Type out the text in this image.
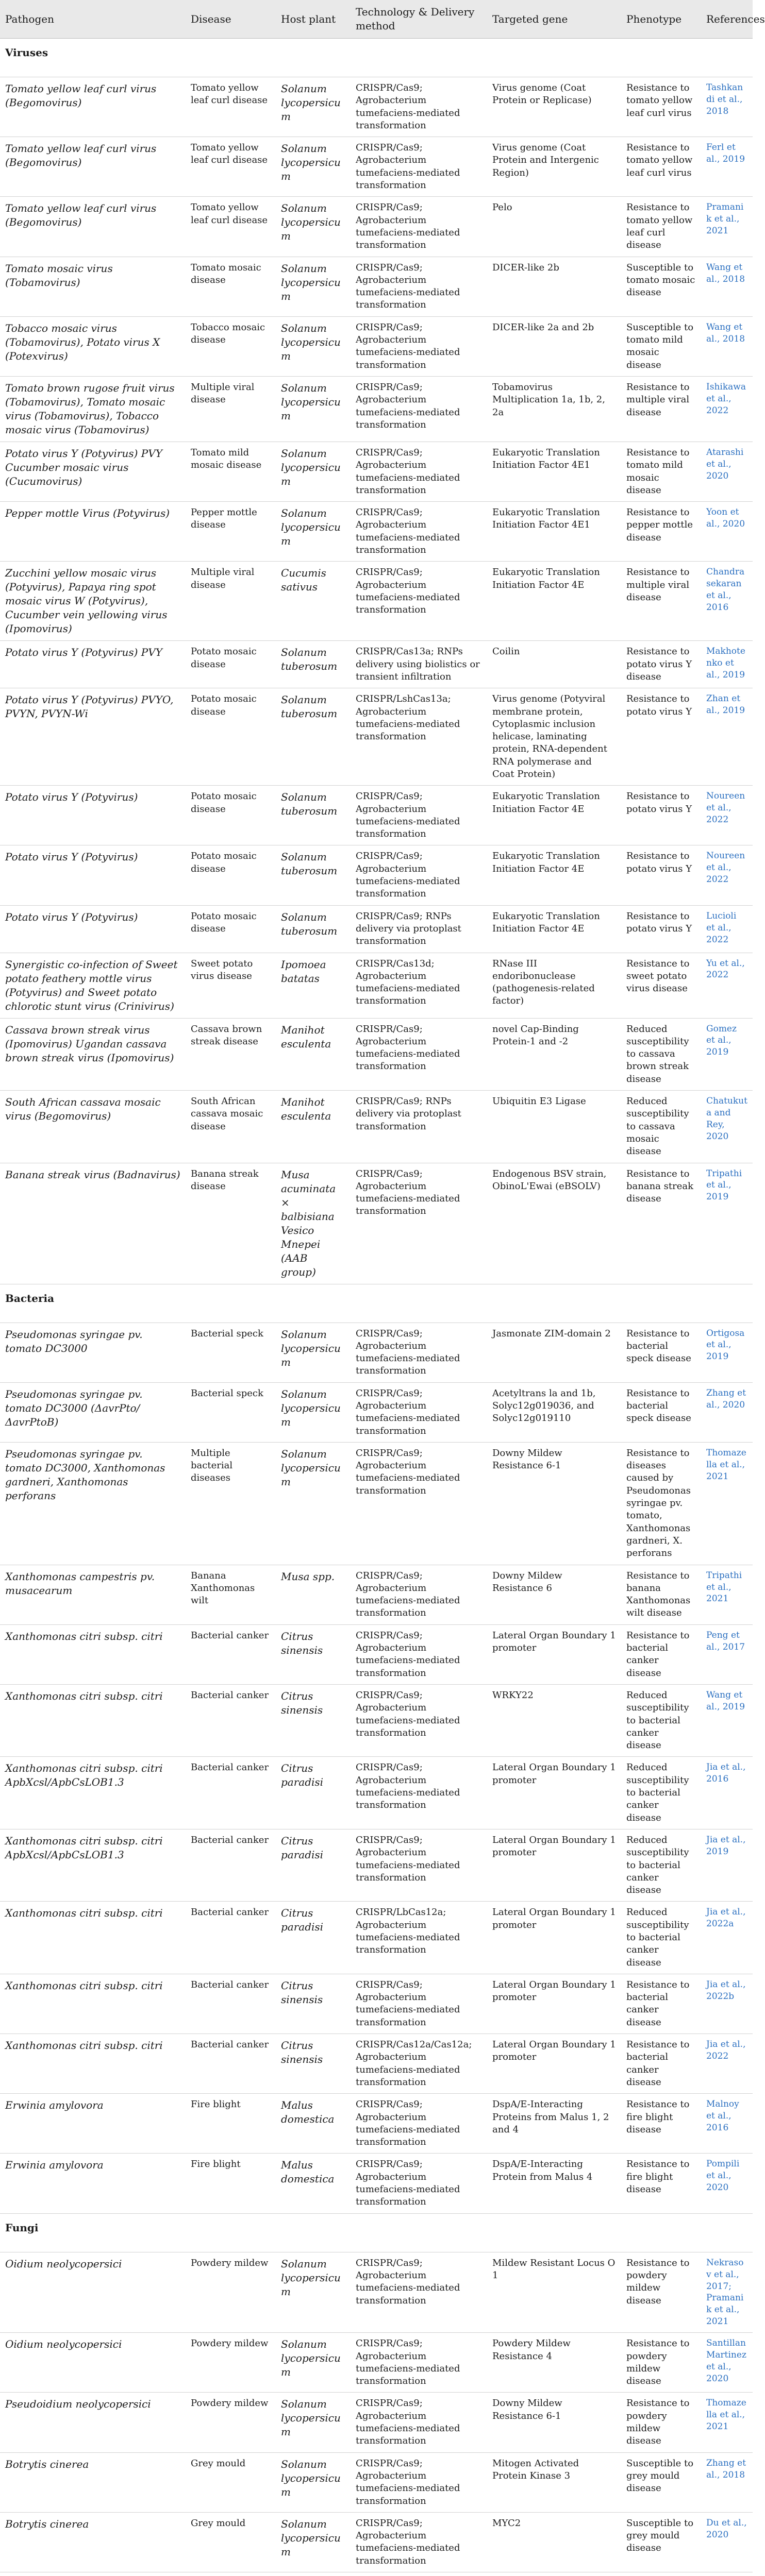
Pathogen	Disease	Host plant	Technology & Delivery method	Targeted gene	Phenotype	References
Viruses						
Tomato yellow leaf curl virus (Begomovirus)	Tomato yellow leaf curl disease	Solanum lycopersicum	CRISPR/Cas9; Agrobacterium tumefaciens-mediated transformation	Virus genome (Coat Protein or Replicase)	Resistance to tomato yellow leaf curl virus	Tashkandi et al., 2018
Tomato yellow leaf curl virus (Begomovirus)	Tomato yellow leaf curl disease	Solanum lycopersicum	CRISPR/Cas9; Agrobacterium tumefaciens-mediated transformation	Virus genome (Coat Protein and Intergenic Region)	Resistance to tomato yellow leaf curl virus	Ferl et al., 2019
Tomato yellow leaf curl virus (Begomovirus)	Tomato yellow leaf curl disease	Solanum lycopersicum	CRISPR/Cas9; Agrobacterium tumefaciens-mediated transformation	Pelo	Resistance to tomato yellow leaf curl disease	Pramanik et al., 2021
Tomato mosaic virus (Tobamovirus)	Tomato mosaic disease	Solanum lycopersicum	CRISPR/Cas9; Agrobacterium tumefaciens-mediated transformation	DICER-like 2b	Susceptible to tomato mosaic disease	Wang et al., 2018
Tobacco mosaic virus (Tobamovirus), Potato virus X (Potexvirus)	Tobacco mosaic disease	Solanum lycopersicum	CRISPR/Cas9; Agrobacterium tumefaciens-mediated transformation	DICER-like 2a and 2b	Susceptible to tomato mild mosaic disease	Wang et al., 2018
Tomato brown rugose fruit virus (Tobamovirus), Tomato mosaic virus (Tobamovirus), Tobacco mosaic virus (Tobamovirus)	Multiple viral disease	Solanum lycopersicum	CRISPR/Cas9; Agrobacterium tumefaciens-mediated transformation	Tobamovirus Multiplication 1a, 1b, 2, 2a	Resistance to multiple viral disease	Ishikawa et al., 2022
Potato virus Y (Potyvirus) PVY Cucumber mosaic virus (Cucumovirus)	Tomato mild mosaic disease	Solanum lycopersicum	CRISPR/Cas9; Agrobacterium tumefaciens-mediated transformation	Eukaryotic Translation Initiation Factor 4E1	Resistance to tomato mild mosaic disease	Atarashi et al., 2020
Pepper mottle Virus (Potyvirus)	Pepper mottle disease	Solanum lycopersicum	CRISPR/Cas9; Agrobacterium tumefaciens-mediated transformation	Eukaryotic Translation Initiation Factor 4E1	Resistance to pepper mottle disease	Yoon et al., 2020
Zucchini yellow mosaic virus (Potyvirus), Papaya ring spot mosaic virus W (Potyvirus), Cucumber vein yellowing virus (Ipomovirus)	Multiple viral disease	Cucumis sativus	CRISPR/Cas9; Agrobacterium tumefaciens-mediated transformation	Eukaryotic Translation Initiation Factor 4E	Resistance to multiple viral disease	Chandrasekaran et al., 2016
Potato virus Y (Potyvirus) PVY	Potato mosaic disease	Solanum tuberosum	CRISPR/Cas13a; RNPs delivery using biolistics or transient infiltration	Coilin	Resistance to potato virus Y disease	Makhotenko et al., 2019
Potato virus Y (Potyvirus) PVYO, PVYN, PVYN-Wi	Potato mosaic disease	Solanum tuberosum	CRISPR/LshCas13a; Agrobacterium tumefaciens-mediated transformation	Virus genome (Potyviral membrane protein, Cytoplasmic inclusion helicase, laminating protein, RNA-dependent RNA polymerase and Coat Protein)	Resistance to potato virus Y	Zhan et al., 2019
Potato virus Y (Potyvirus)	Potato mosaic disease	Solanum tuberosum	CRISPR/Cas9; Agrobacterium tumefaciens-mediated transformation	Eukaryotic Translation Initiation Factor 4E	Resistance to potato virus Y	Noureen et al., 2022
Potato virus Y (Potyvirus)	Potato mosaic disease	Solanum tuberosum	CRISPR/Cas9; Agrobacterium tumefaciens-mediated transformation	Eukaryotic Translation Initiation Factor 4E	Resistance to potato virus Y	Noureen et al., 2022
Potato virus Y (Potyvirus)	Potato mosaic disease	Solanum tuberosum	CRISPR/Cas9; RNPs delivery via protoplast transformation	Eukaryotic Translation Initiation Factor 4E	Resistance to potato virus Y	Lucioli et al., 2022
Synergistic co-infection of Sweet potato feathery mottle virus (Potyvirus) and Sweet potato chlorotic stunt virus (Crinivirus)	Sweet potato virus disease	Ipomoea batatas	CRISPR/Cas13d; Agrobacterium tumefaciens-mediated transformation	RNase III endoribonuclease (pathogenesis-related factor)	Resistance to sweet potato virus disease	Yu et al., 2022
Cassava brown streak virus (Ipomovirus) Ugandan cassava brown streak virus (Ipomovirus)	Cassava brown streak disease	Manihot esculenta	CRISPR/Cas9; Agrobacterium tumefaciens-mediated transformation	novel Cap-Binding Protein-1 and -2	Reduced susceptibility to cassava brown streak disease	Gomez et al., 2019
South African cassava mosaic virus (Begomovirus)	South African cassava mosaic disease	Manihot esculenta	CRISPR/Cas9; RNPs delivery via protoplast transformation	Ubiquitin E3 Ligase	Reduced susceptibility to cassava mosaic disease	Chatukuta and Rey, 2020
Banana streak virus (Badnavirus)	Banana streak disease	Musa acuminata × balbisiana Vesico Mnepei (AAB group)	CRISPR/Cas9; Agrobacterium tumefaciens-mediated transformation	Endogenous BSV strain, ObinoL'Ewai (eBSOLV)	Resistance to banana streak disease	Tripathi et al., 2019
Bacteria						
Pseudomonas syringae pv. tomato DC3000	Bacterial speck	Solanum lycopersicum	CRISPR/Cas9; Agrobacterium tumefaciens-mediated transformation	Jasmonate ZIM-domain 2	Resistance to bacterial speck disease	Ortigosa et al., 2019
Pseudomonas syringae pv. tomato DC3000 (ΔavrPto/ΔavrPtoB)	Bacterial speck	Solanum lycopersicum	CRISPR/Cas9; Agrobacterium tumefaciens-mediated transformation	Acetyltrans la and 1b, Solyc12g019036, and Solyc12g019110	Resistance to bacterial speck disease	Zhang et al., 2020
Pseudomonas syringae pv. tomato DC3000, Xanthomonas gardneri, Xanthomonas perforans	Multiple bacterial diseases	Solanum lycopersicum	CRISPR/Cas9; Agrobacterium tumefaciens-mediated transformation	Downy Mildew Resistance 6-1	Resistance to diseases caused by Pseudomonas syringae pv. tomato, Xanthomonas gardneri, X. perforans	Thomazella et al., 2021
Xanthomonas campestris pv. musacearum	Banana Xanthomonas wilt	Musa spp.	CRISPR/Cas9; Agrobacterium tumefaciens-mediated transformation	Downy Mildew Resistance 6	Resistance to banana Xanthomonas wilt disease	Tripathi et al., 2021
Xanthomonas citri subsp. citri	Bacterial canker	Citrus sinensis	CRISPR/Cas9; Agrobacterium tumefaciens-mediated transformation	Lateral Organ Boundary 1 promoter	Resistance to bacterial canker disease	Peng et al., 2017
Xanthomonas citri subsp. citri	Bacterial canker	Citrus sinensis	CRISPR/Cas9; Agrobacterium tumefaciens-mediated transformation	WRKY22	Reduced susceptibility to bacterial canker disease	Wang et al., 2019
Xanthomonas citri subsp. citri ApbXcsl/ApbCsLOB1.3	Bacterial canker	Citrus paradisi	CRISPR/Cas9; Agrobacterium tumefaciens-mediated transformation	Lateral Organ Boundary 1 promoter	Reduced susceptibility to bacterial canker disease	Jia et al., 2016
Xanthomonas citri subsp. citri ApbXcsl/ApbCsLOB1.3	Bacterial canker	Citrus paradisi	CRISPR/Cas9; Agrobacterium tumefaciens-mediated transformation	Lateral Organ Boundary 1 promoter	Reduced susceptibility to bacterial canker disease	Jia et al., 2019
Xanthomonas citri subsp. citri	Bacterial canker	Citrus paradisi	CRISPR/LbCas12a; Agrobacterium tumefaciens-mediated transformation	Lateral Organ Boundary 1 promoter	Reduced susceptibility to bacterial canker disease	Jia et al., 2022a
Xanthomonas citri subsp. citri	Bacterial canker	Citrus sinensis	CRISPR/Cas9; Agrobacterium tumefaciens-mediated transformation	Lateral Organ Boundary 1 promoter	Resistance to bacterial canker disease	Jia et al., 2022b
Xanthomonas citri subsp. citri	Bacterial canker	Citrus sinensis	CRISPR/Cas12a/Cas12a; Agrobacterium tumefaciens-mediated transformation	Lateral Organ Boundary 1 promoter	Resistance to bacterial canker disease	Jia et al., 2022
Erwinia amylovora	Fire blight	Malus domestica	CRISPR/Cas9; Agrobacterium tumefaciens-mediated transformation	DspA/E-Interacting Proteins from Malus 1, 2 and 4	Resistance to fire blight disease	Malnoy et al., 2016
Erwinia amylovora	Fire blight	Malus domestica	CRISPR/Cas9; Agrobacterium tumefaciens-mediated transformation	DspA/E-Interacting Protein from Malus 4	Resistance to fire blight disease	Pompili et al., 2020
Fungi						
Oidium neolycopersici	Powdery mildew	Solanum lycopersicum	CRISPR/Cas9; Agrobacterium tumefaciens-mediated transformation	Mildew Resistant Locus O 1	Resistance to powdery mildew disease	Nekrasov et al., 2017; Pramanik et al., 2021
Oidium neolycopersici	Powdery mildew	Solanum lycopersicum	CRISPR/Cas9; Agrobacterium tumefaciens-mediated transformation	Powdery Mildew Resistance 4	Resistance to powdery mildew disease	Santillan Martinez et al., 2020
Pseudoidium neolycopersici	Powdery mildew	Solanum lycopersicum	CRISPR/Cas9; Agrobacterium tumefaciens-mediated transformation	Downy Mildew Resistance 6-1	Resistance to powdery mildew disease	Thomazella et al., 2021
Botrytis cinerea	Grey mould	Solanum lycopersicum	CRISPR/Cas9; Agrobacterium tumefaciens-mediated transformation	Mitogen Activated Protein Kinase 3	Susceptible to grey mould disease	Zhang et al., 2018
Botrytis cinerea	Grey mould	Solanum lycopersicum	CRISPR/Cas9; Agrobacterium tumefaciens-mediated transformation	MYC2	Susceptible to grey mould disease	Du et al., 2020
